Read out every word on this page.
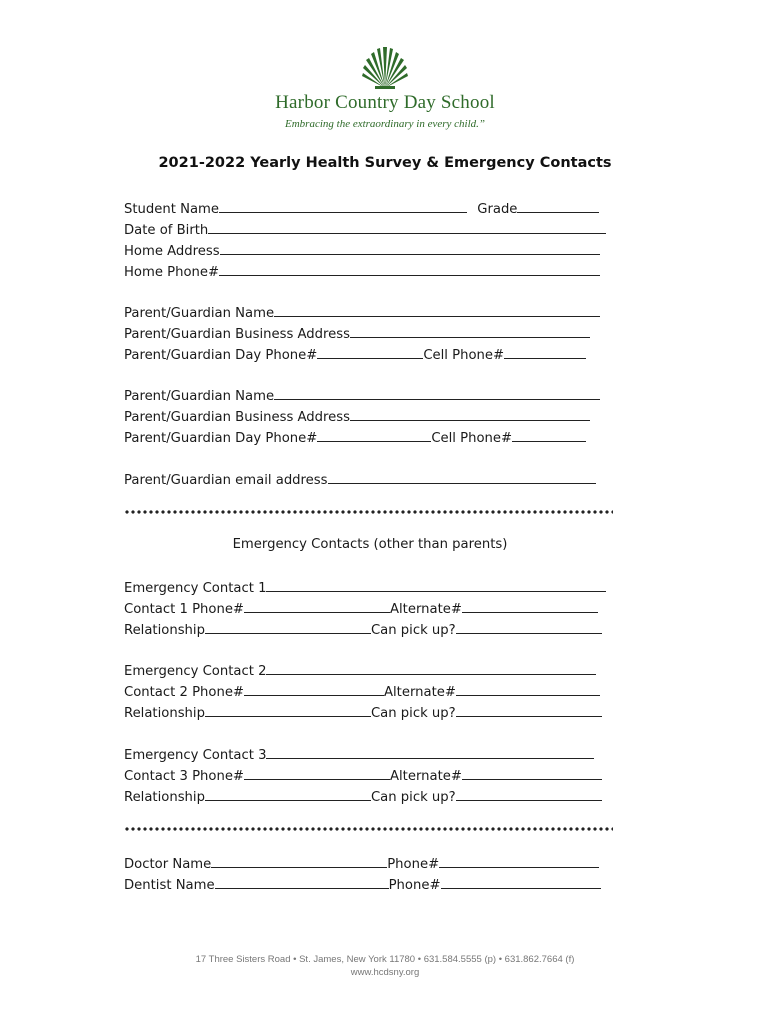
Harbor Country Day School
Embracing the extraordinary in every child.”
2021-2022 Yearly Health Survey & Emergency Contacts
Student Name	Grade
Date of Birth
Home Address
Home Phone#
Parent/Guardian Name
Parent/Guardian Business Address
Parent/Guardian Day Phone#	Cell Phone#
Parent/Guardian Name
Parent/Guardian Business Address
Parent/Guardian Day Phone#	Cell Phone#
Parent/Guardian email address
Emergency Contacts (other than parents)
Emergency Contact 1
Contact 1 Phone#	Alternate#
Relationship	Can pick up?
Emergency Contact 2
Contact 2 Phone#	Alternate#
Relationship	Can pick up?
Emergency Contact 3
Contact 3 Phone#	Alternate#
Relationship	Can pick up?
Doctor Name	Phone#
Dentist Name	Phone#
17 Three Sisters Road • St. James, New York 11780 • 631.584.5555 (p) • 631.862.7664 (f)
www.hcdsny.org
